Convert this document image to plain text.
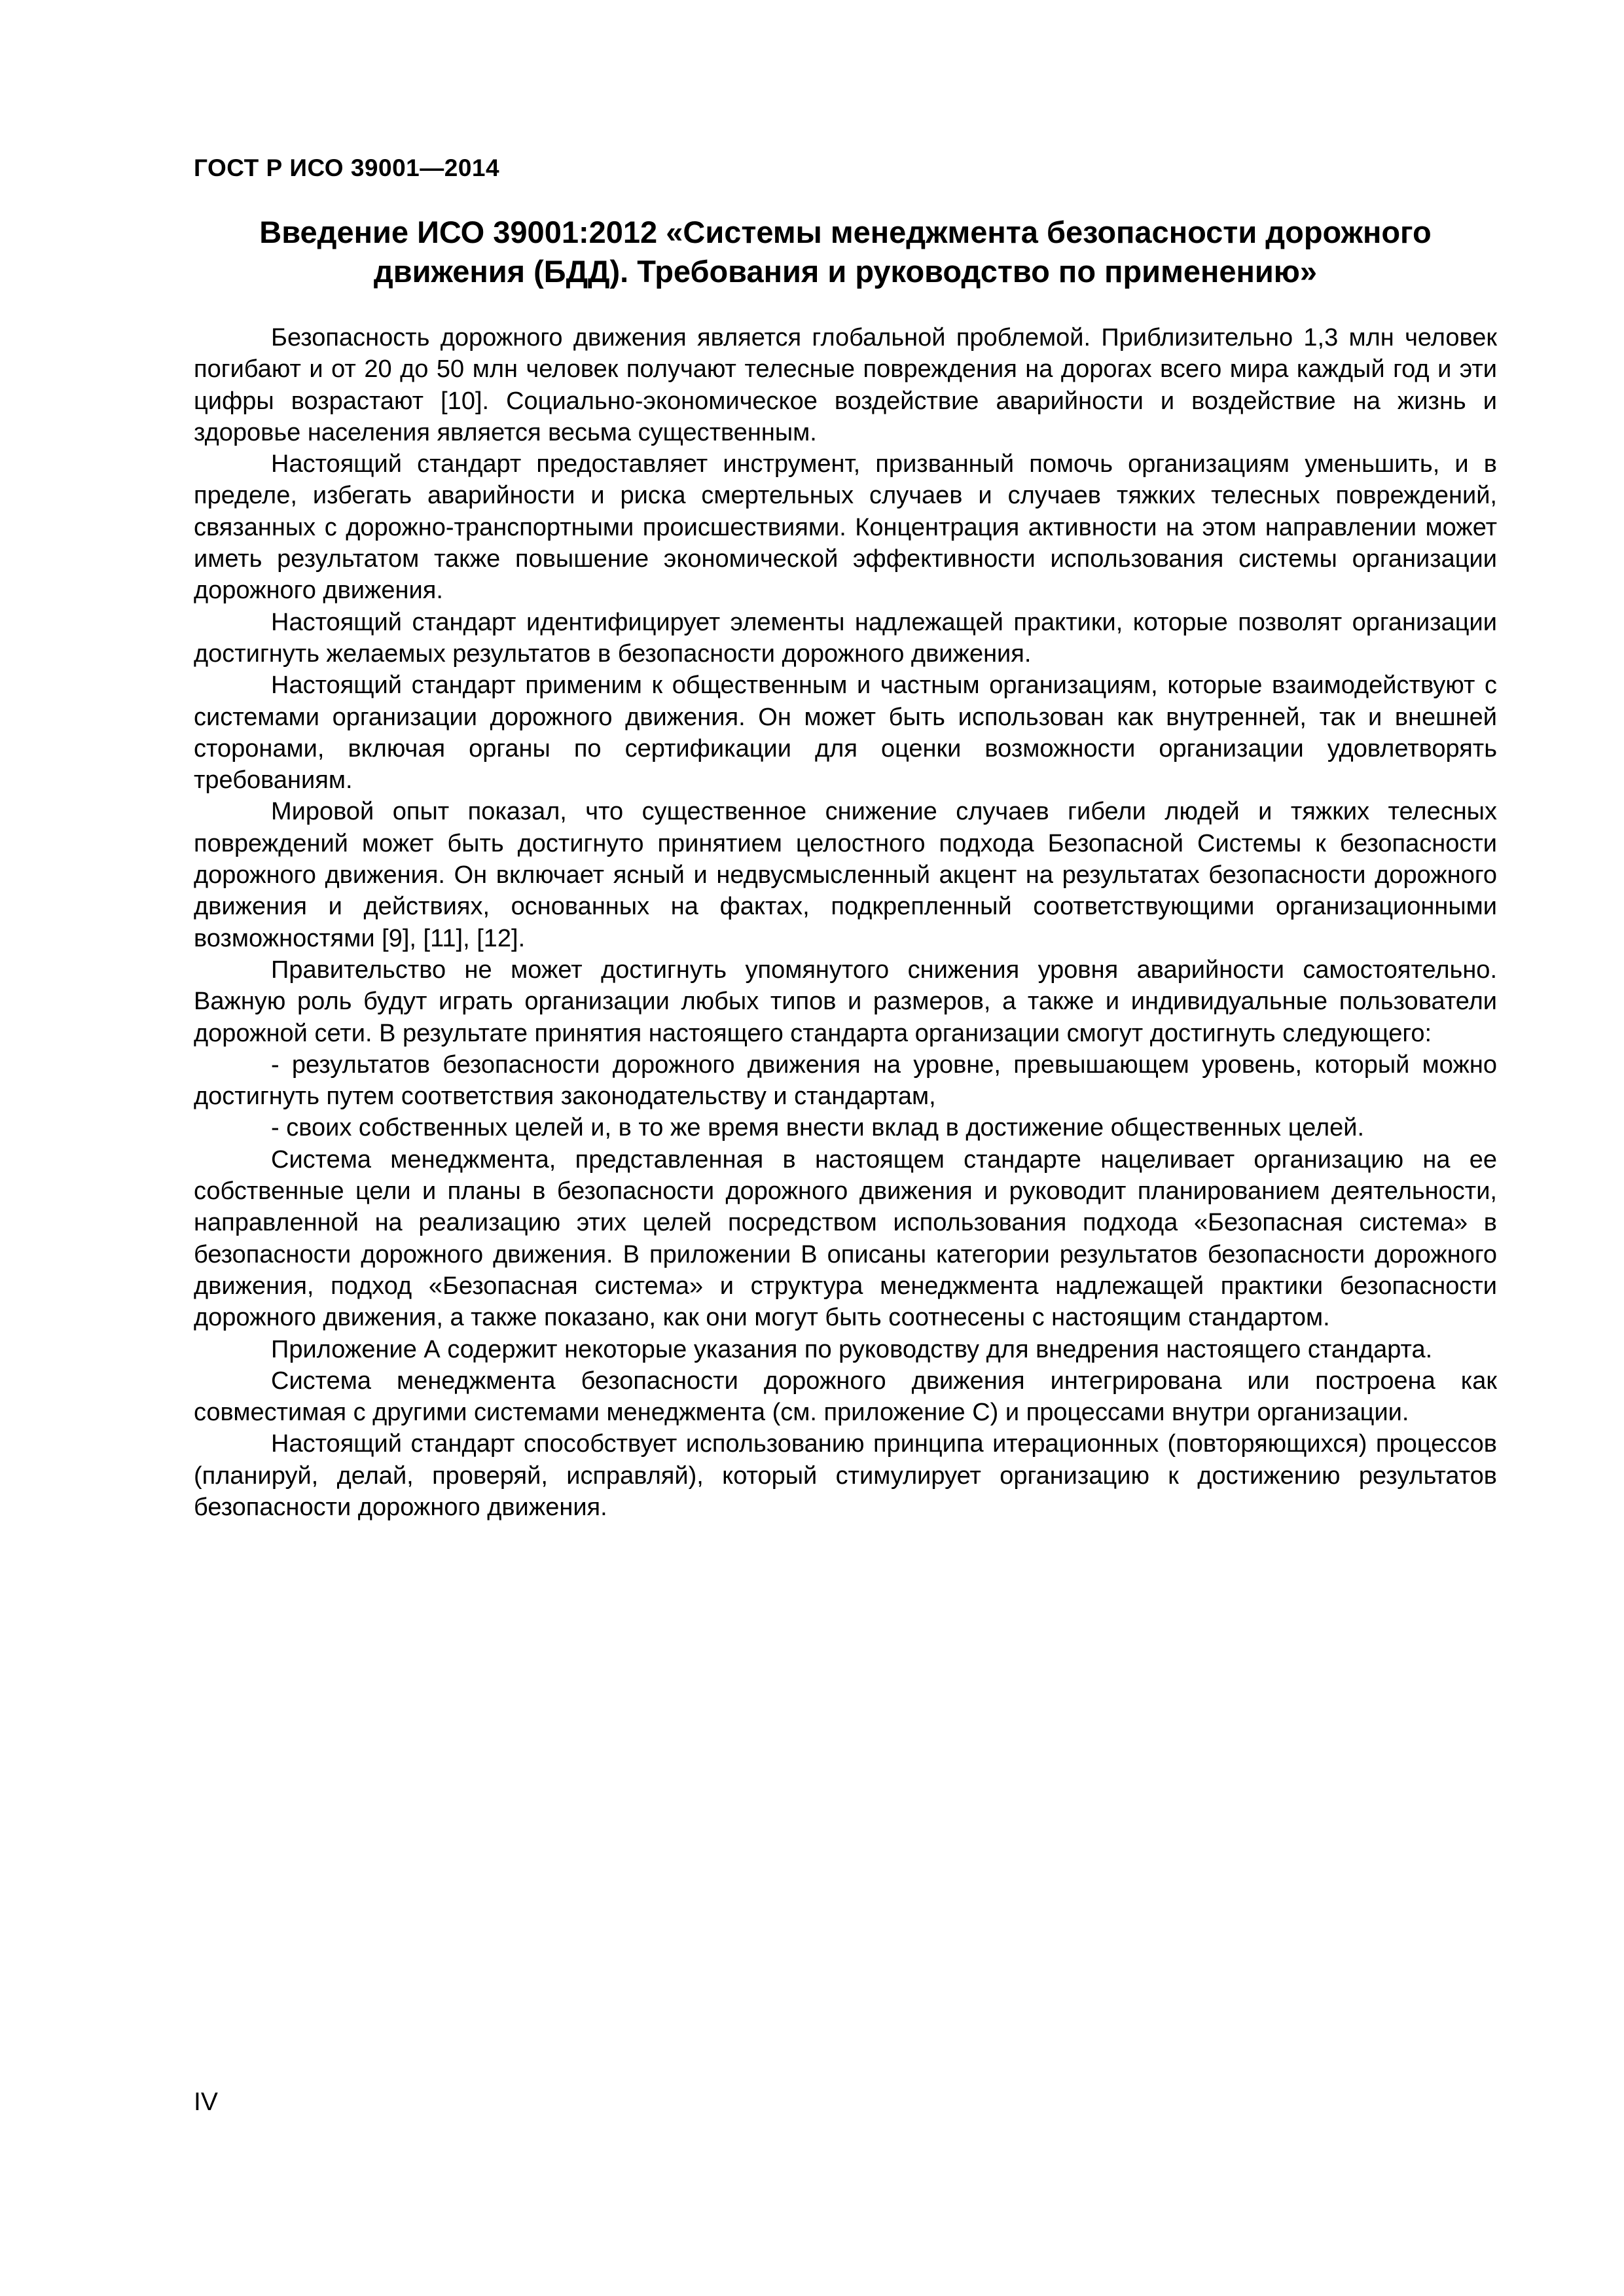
ГОСТ Р ИСО 39001—2014
Введение ИСО 39001:2012 «Системы менеджмента безопасности дорожного
движения (БДД). Требования и руководство по применению»

Безопасность дорожного движения является глобальной проблемой. Приблизительно 1,3 млн человек погибают и от 20 до 50 млн человек получают телесные повреждения на дорогах всего мира каждый год и эти цифры возрастают [10]. Социально-экономическое воздействие аварийности и воздействие на жизнь и здоровье населения является весьма существенным.

Настоящий стандарт предоставляет инструмент, призванный помочь организациям уменьшить, и в пределе, избегать аварийности и риска смертельных случаев и случаев тяжких телесных повреждений, связанных с дорожно-транспортными происшествиями. Концентрация активности на этом направлении может иметь результатом также повышение экономической эффективности использования системы организации дорожного движения.

Настоящий стандарт идентифицирует элементы надлежащей практики, которые позволят организации достигнуть желаемых результатов в безопасности дорожного движения.

Настоящий стандарт применим к общественным и частным организациям, которые взаимодействуют с системами организации дорожного движения. Он может быть использован как внутренней, так и внешней сторонами, включая органы по сертификации для оценки возможности организации удовлетворять требованиям.

Мировой опыт показал, что существенное снижение случаев гибели людей и тяжких телесных повреждений может быть достигнуто принятием целостного подхода Безопасной Системы к безопасности дорожного движения. Он включает ясный и недвусмысленный акцент на результатах безопасности дорожного движения и действиях, основанных на фактах, подкрепленный соответствующими организационными возможностями [9], [11], [12].

Правительство не может достигнуть упомянутого снижения уровня аварийности самостоятельно. Важную роль будут играть организации любых типов и размеров, а также и индивидуальные пользователи дорожной сети. В результате принятия настоящего стандарта организации смогут достигнуть следующего:

- результатов безопасности дорожного движения на уровне, превышающем уровень, который можно достигнуть путем соответствия законодательству и стандартам,

- своих собственных целей и, в то же время внести вклад в достижение общественных целей.

Система менеджмента, представленная в настоящем стандарте нацеливает организацию на ее собственные цели и планы в безопасности дорожного движения и руководит планированием деятельности, направленной на реализацию этих целей посредством использования подхода «Безопасная система» в безопасности дорожного движения. В приложении B описаны категории результатов безопасности дорожного движения, подход «Безопасная система» и структура менеджмента надлежащей практики безопасности дорожного движения, а также показано, как они могут быть соотнесены с настоящим стандартом.

Приложение А содержит некоторые указания по руководству для внедрения настоящего стандарта.

Система менеджмента безопасности дорожного движения интегрирована или построена как совместимая с другими системами менеджмента (см. приложение С) и процессами внутри организации.

Настоящий стандарт способствует использованию принципа итерационных (повторяющихся) процессов (планируй, делай, проверяй, исправляй), который стимулирует организацию к достижению результатов безопасности дорожного движения.

IV
